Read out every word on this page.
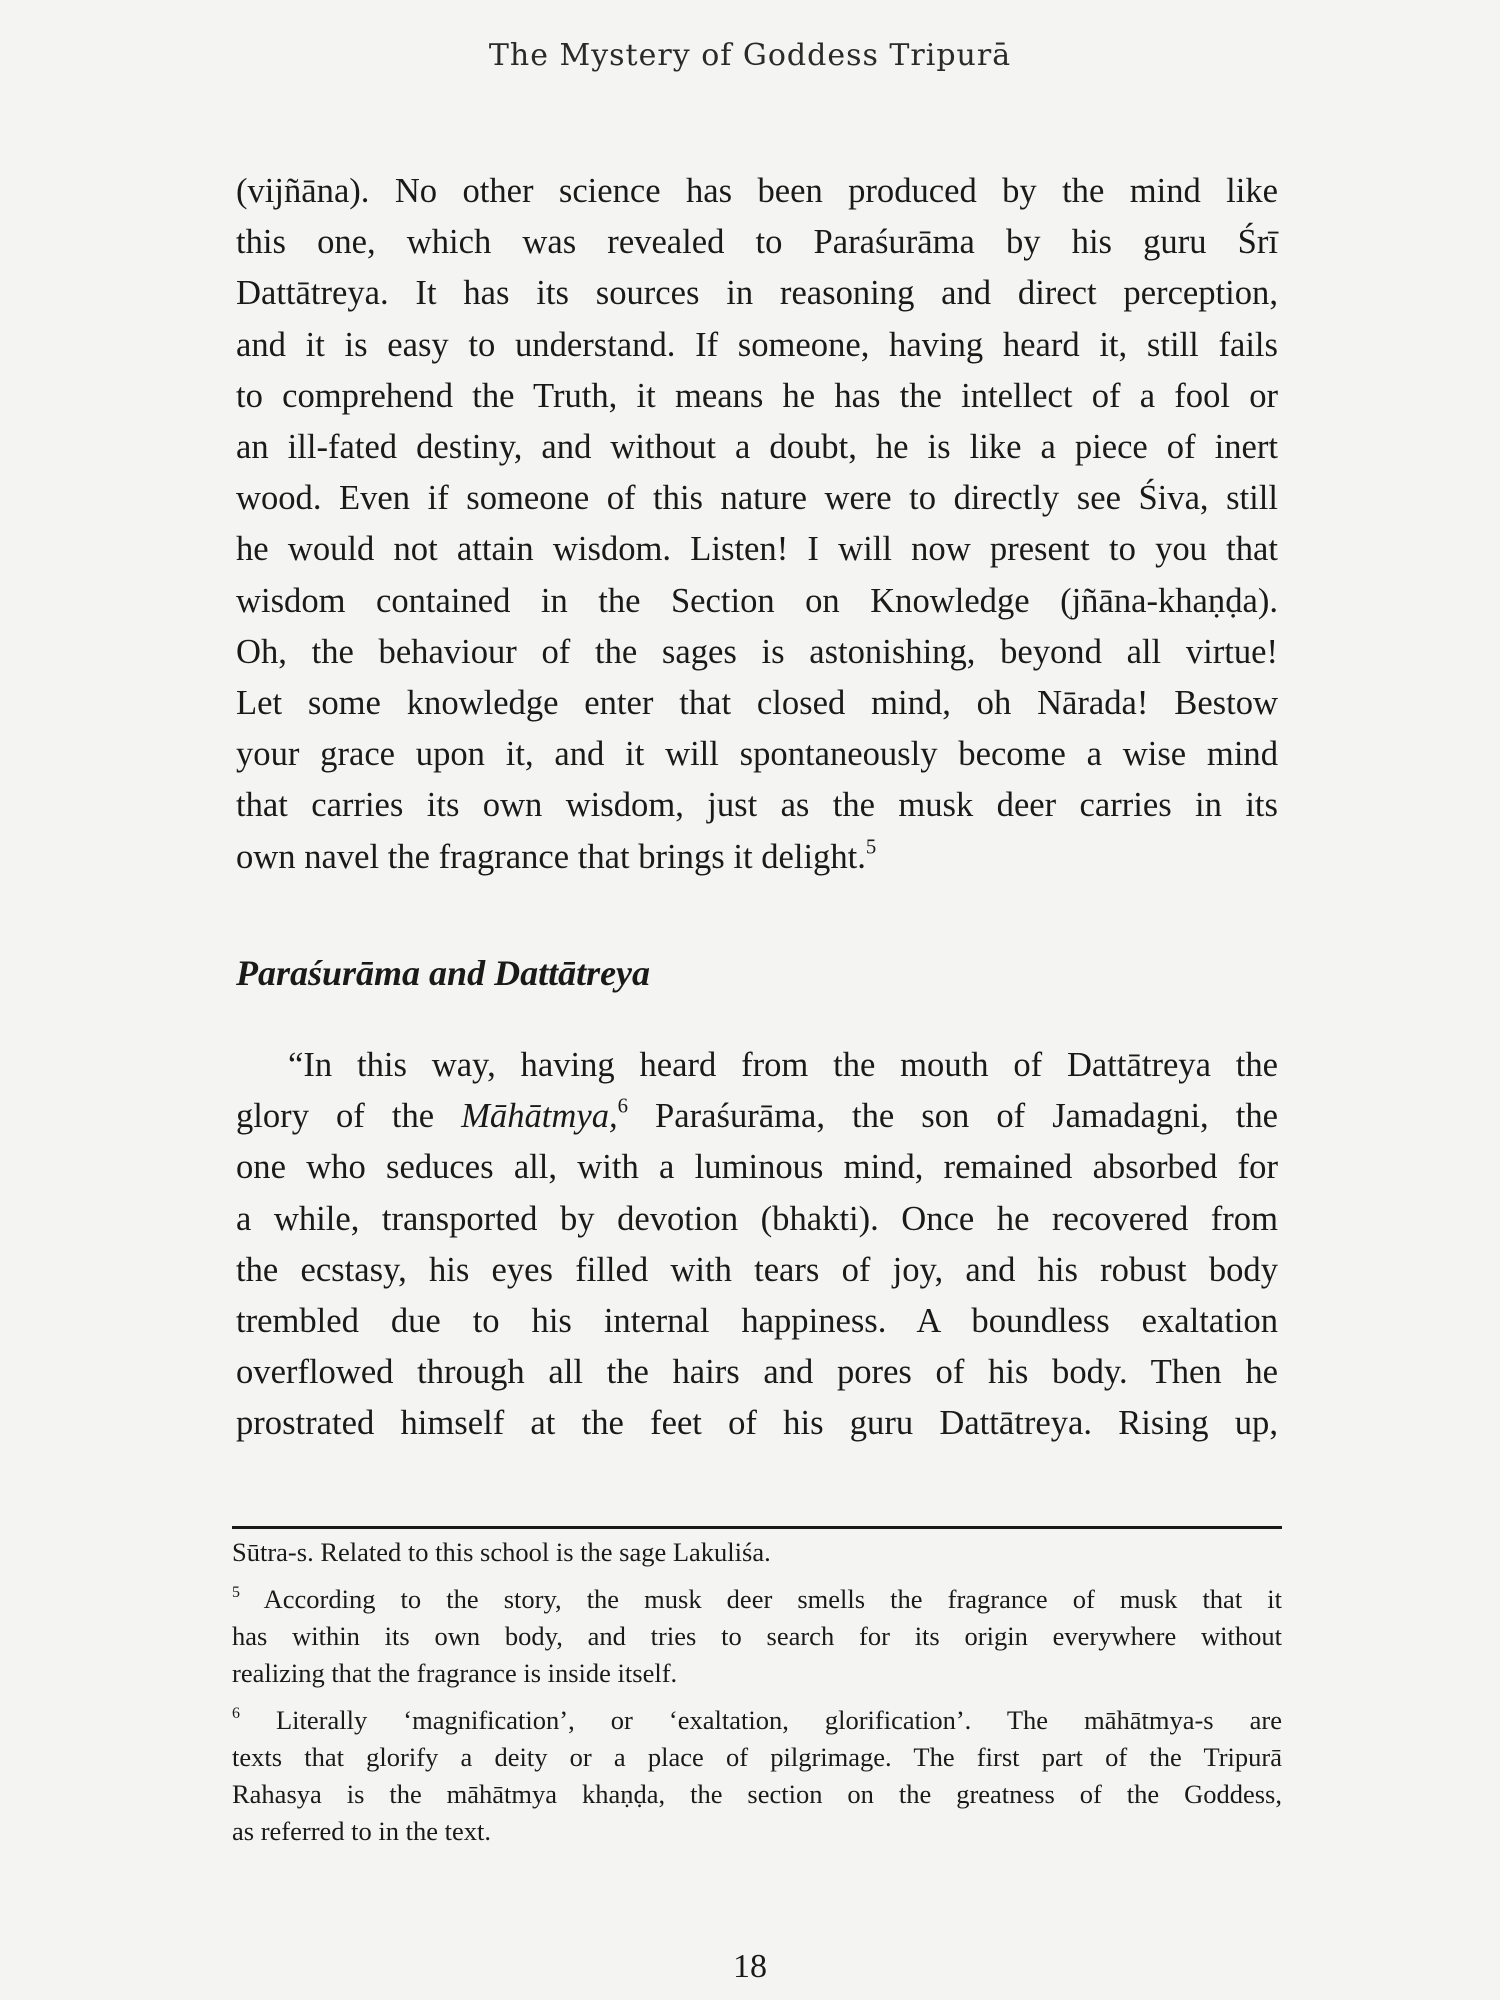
The Mystery of Goddess Tripurā
(vijñāna). No other science has been produced by the mind like
this one, which was revealed to Paraśurāma by his guru Śrī
Dattātreya. It has its sources in reasoning and direct perception,
and it is easy to understand. If someone, having heard it, still fails
to comprehend the Truth, it means he has the intellect of a fool or
an ill-fated destiny, and without a doubt, he is like a piece of inert
wood. Even if someone of this nature were to directly see Śiva, still
he would not attain wisdom. Listen! I will now present to you that
wisdom contained in the Section on Knowledge (jñāna-khaṇḍa).
Oh, the behaviour of the sages is astonishing, beyond all virtue!
Let some knowledge enter that closed mind, oh Nārada! Bestow
your grace upon it, and it will spontaneously become a wise mind
that carries its own wisdom, just as the musk deer carries in its
own navel the fragrance that brings it delight.$^5$
Paraśurāma and Dattātreya
“In this way, having heard from the mouth of Dattātreya the
glory of the Māhātmya,$^6$ Paraśurāma, the son of Jamadagni, the
one who seduces all, with a luminous mind, remained absorbed for
a while, transported by devotion (bhakti). Once he recovered from
the ecstasy, his eyes filled with tears of joy, and his robust body
trembled due to his internal happiness. A boundless exaltation
overflowed through all the hairs and pores of his body. Then he
prostrated himself at the feet of his guru Dattātreya. Rising up,

Sūtra-s. Related to this school is the sage Lakuliśa.

$^5$ According to the story, the musk deer smells the fragrance of musk that it
has within its own body, and tries to search for its origin everywhere without
realizing that the fragrance is inside itself.

$^6$ Literally ‘magnification’, or ‘exaltation, glorification’. The māhātmya-s are
texts that glorify a deity or a place of pilgrimage. The first part of the Tripurā
Rahasya is the māhātmya khaṇḍa, the section on the greatness of the Goddess,
as referred to in the text.

18
